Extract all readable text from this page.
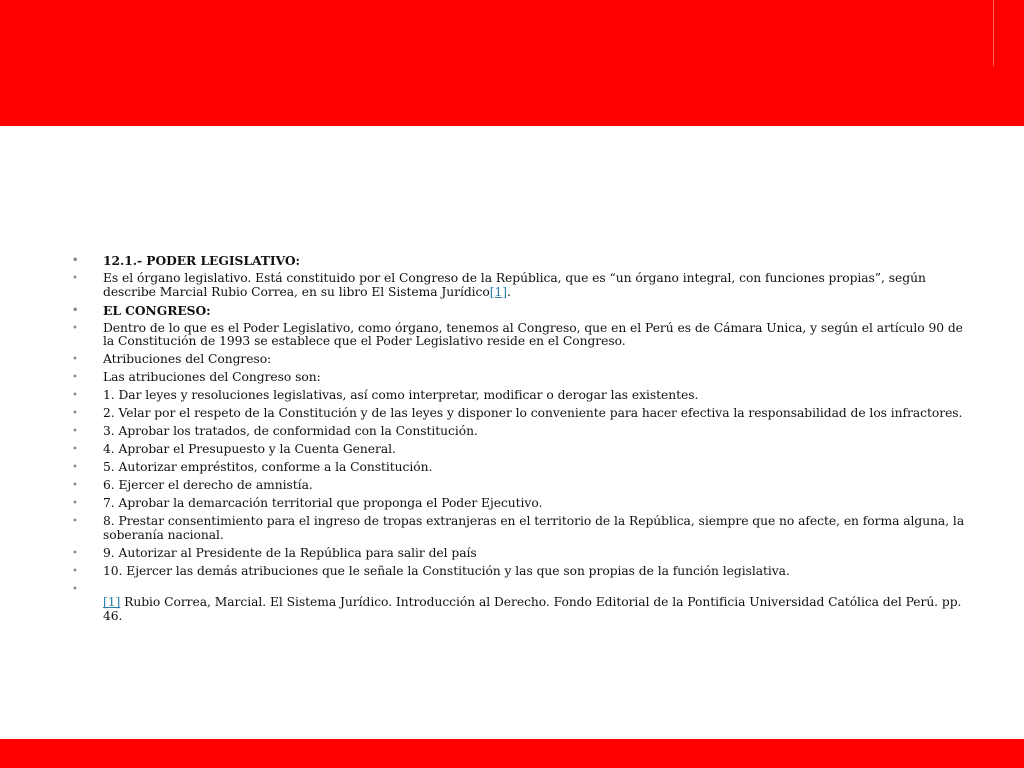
• 12.1.- PODER LEGISLATIVO:
•	Es el órgano legislativo. Está constituido por el Congreso de la República, que es “un órgano integral, con funciones propias”, según describe Marcial Rubio Correa, en su libro El Sistema Jurídico[1].
• EL CONGRESO:
•	Dentro de lo que es el Poder Legislativo, como órgano, tenemos al Congreso, que en el Perú es de Cámara Unica, y según el artículo 90 de la Constitución de 1993 se establece que el Poder Legislativo reside en el Congreso.
•	Atribuciones del Congreso:
•	Las atribuciones del Congreso son:
•	1. Dar leyes y resoluciones legislativas, así como interpretar, modificar o derogar las existentes.
•	2. Velar por el respeto de la Constitución y de las leyes y disponer lo conveniente para hacer efectiva la responsabilidad de los infractores.
•	3. Aprobar los tratados, de conformidad con la Constitución.
•	4. Aprobar el Presupuesto y la Cuenta General.
•	5. Autorizar empréstitos, conforme a la Constitución.
•	6. Ejercer el derecho de amnistía.
•	7. Aprobar la demarcación territorial que proponga el Poder Ejecutivo.
•	8. Prestar consentimiento para el ingreso de tropas extranjeras en el territorio de la República, siempre que no afecte, en forma alguna, la soberanía nacional.
•	9. Autorizar al Presidente de la República para salir del país
•	10. Ejercer las demás atribuciones que le señale la Constitución y las que son propias de la función legislativa.
•

[1] Rubio Correa, Marcial. El Sistema Jurídico. Introducción al Derecho. Fondo Editorial de la Pontificia Universidad Católica del Perú. pp. 46.
